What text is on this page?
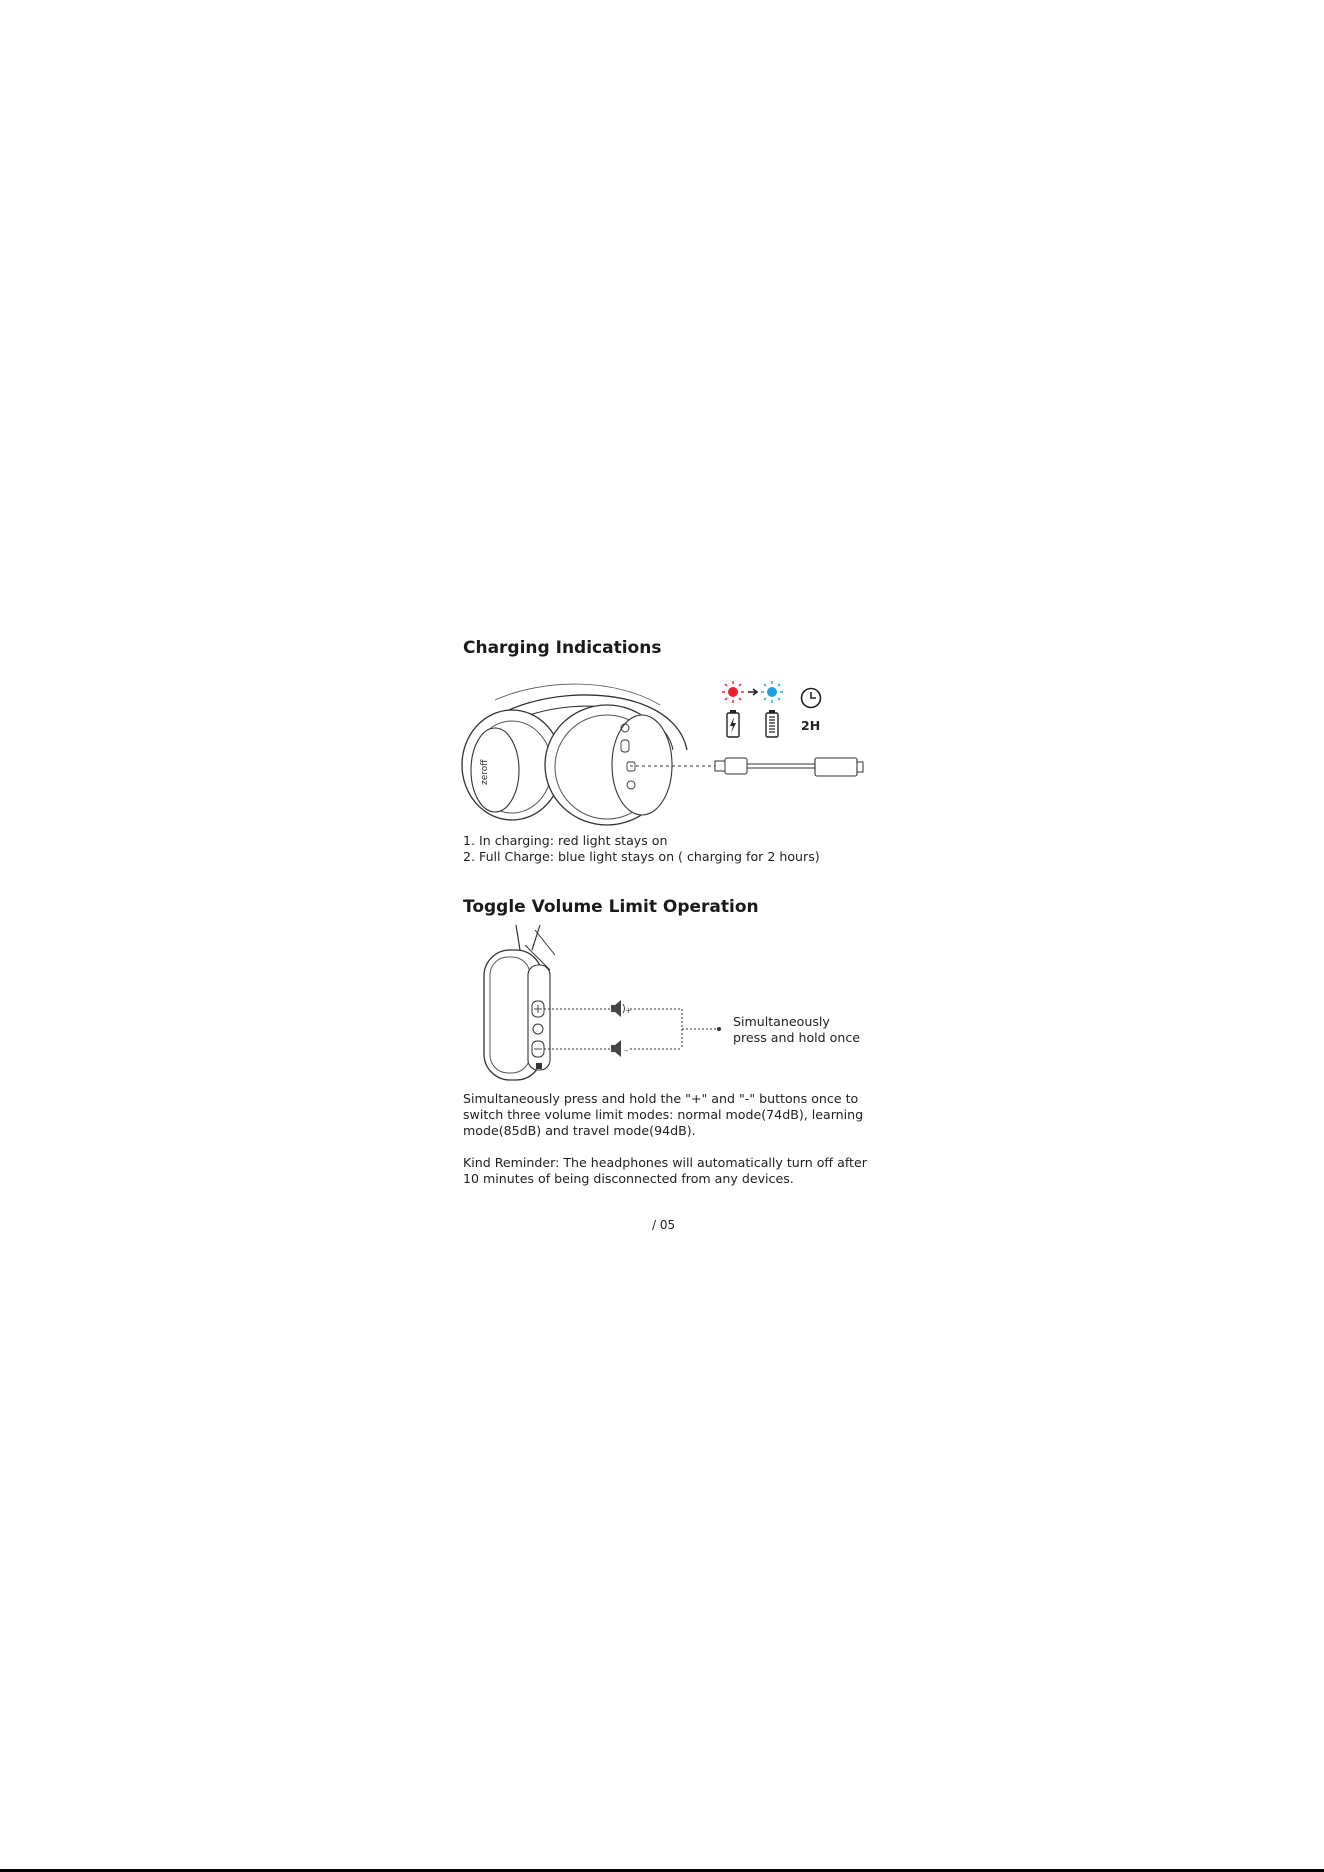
Charging Indications
zeroff
2H
1. In charging: red light stays on
2. Full Charge: blue light stays on ( charging for 2 hours)
Toggle Volume Limit Operation
+
–
Simultaneously
press and hold once
Simultaneously press and hold the "+" and "-" buttons once to
switch three volume limit modes: normal mode(74dB), learning
mode(85dB) and travel mode(94dB).
Kind Reminder: The headphones will automatically turn off after
10 minutes of being disconnected from any devices.
/ 05
